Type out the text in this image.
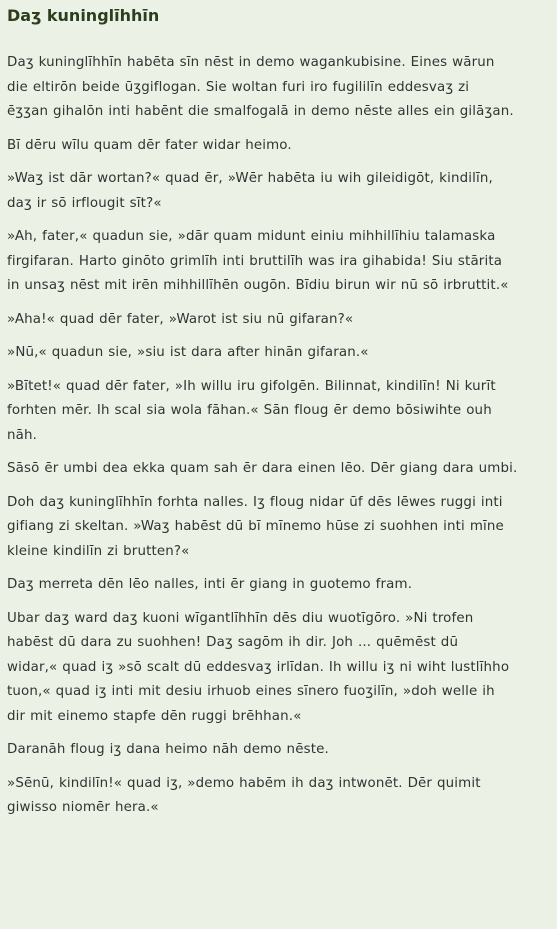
Daʒ kuninglīhhīn

Daʒ kuninglīhhīn habēta sīn nēst in demo wagankubisine. Eines wārun
die eltirōn beide ūʒgiflogan. Sie woltan furi iro fugililīn eddesvaʒ zi
ēʒʒan gihalōn inti habēnt die smalfogalā in demo nēste alles ein gilāʒan.

Bī dēru wīlu quam dēr fater widar heimo.

»Waʒ ist dār wortan?« quad ēr, »Wēr habēta iu wih gileidigōt, kindilīn,
daʒ ir sō irflougit sīt?«

»Ah, fater,« quadun sie, »dār quam midunt einiu mihhillīhiu talamaska
firgifaran. Harto ginōto grimlīh inti bruttilīh was ira gihabida! Siu stārita
in unsaʒ nēst mit irēn mihhillīhēn ougōn. Bīdiu birun wir nū sō irbruttit.«

»Aha!« quad dēr fater, »Warot ist siu nū gifaran?«

»Nū,« quadun sie, »siu ist dara after hinān gifaran.«

»Bītet!« quad dēr fater, »Ih willu iru gifolgēn. Bilinnat, kindilīn! Ni kurīt
forhten mēr. Ih scal sia wola fāhan.« Sān floug ēr demo bōsiwihte ouh
nāh.

Sāsō ēr umbi dea ekka quam sah ēr dara einen lēo. Dēr giang dara umbi.

Doh daʒ kuninglīhhīn forhta nalles. Iʒ floug nidar ūf dēs lēwes ruggi inti
gifiang zi skeltan. »Waʒ habēst dū bī mīnemo hūse zi suohhen inti mīne
kleine kindilīn zi brutten?«

Daʒ merreta dēn lēo nalles, inti ēr giang in guotemo fram.

Ubar daʒ ward daʒ kuoni wīgantlīhhīn dēs diu wuotīgōro. »Ni trofen
habēst dū dara zu suohhen! Daʒ sagōm ih dir. Joh ... quēmēst dū
widar,« quad iʒ »sō scalt dū eddesvaʒ irlīdan. Ih willu iʒ ni wiht lustlīhho
tuon,« quad iʒ inti mit desiu irhuob eines sīnero fuoʒilīn, »doh welle ih
dir mit einemo stapfe dēn ruggi brēhhan.«

Daranāh floug iʒ dana heimo nāh demo nēste.

»Sēnū, kindilīn!« quad iʒ, »demo habēm ih daʒ intwonēt. Dēr quimit
giwisso niomēr hera.«
